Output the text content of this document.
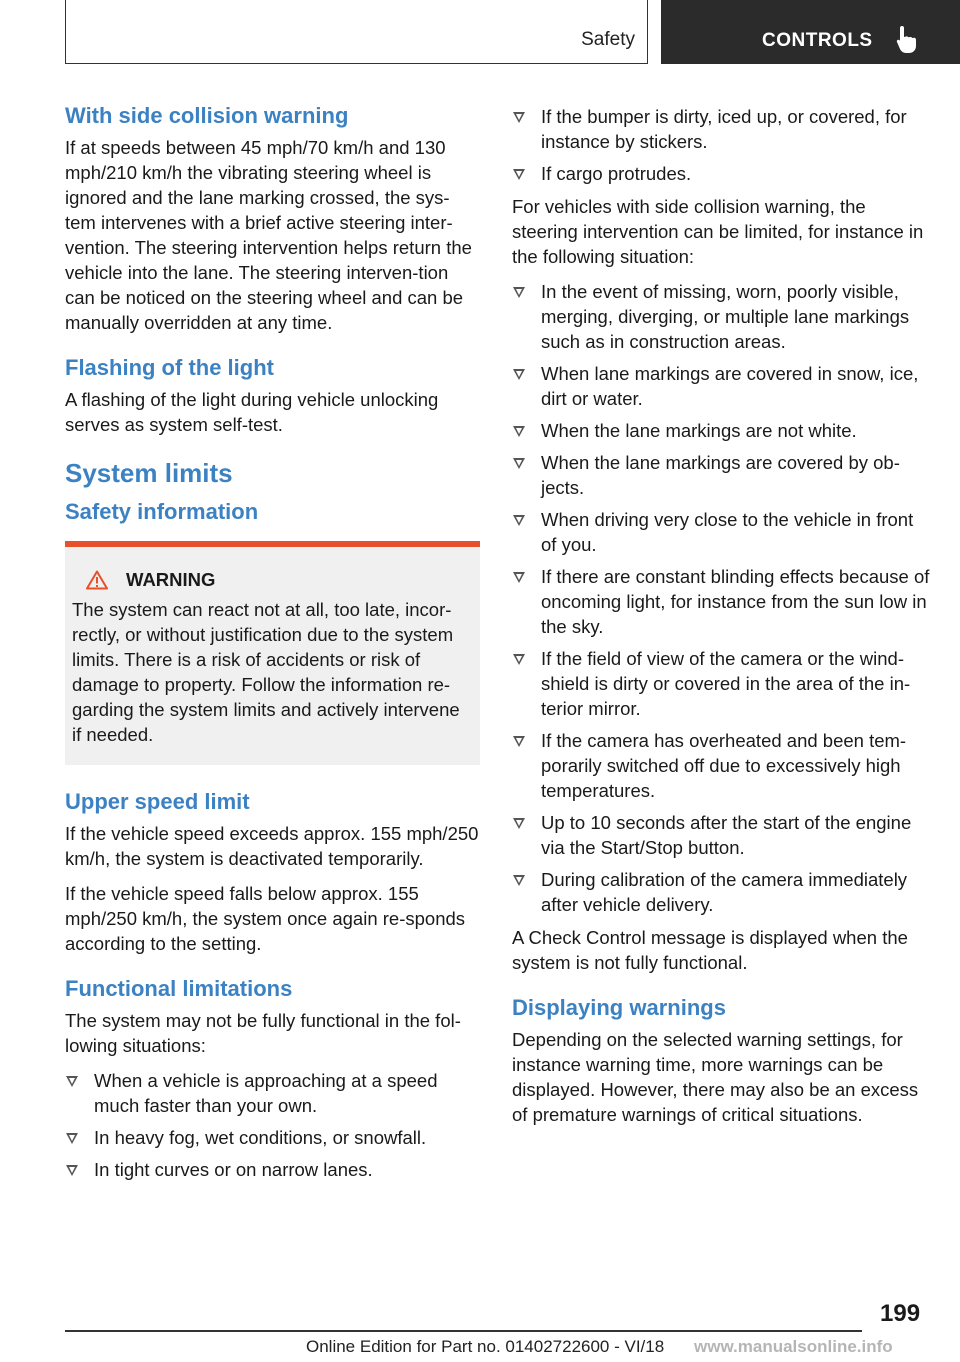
Safety	CONTROLS
With side collision warning
If at speeds between 45 mph/70 km/h and 130 mph/210 km/h the vibrating steering wheel is ignored and the lane marking crossed, the sys-tem intervenes with a brief active steering inter-vention. The steering intervention helps return the vehicle into the lane. The steering interven-tion can be noticed on the steering wheel and can be manually overridden at any time.
Flashing of the light
A flashing of the light during vehicle unlocking serves as system self-test.
System limits
Safety information
WARNING
The system can react not at all, too late, incor-rectly, or without justification due to the system limits. There is a risk of accidents or risk of damage to property. Follow the information re-garding the system limits and actively intervene if needed.
Upper speed limit
If the vehicle speed exceeds approx. 155 mph/250 km/h, the system is deactivated temporarily.
If the vehicle speed falls below approx. 155 mph/250 km/h, the system once again re-sponds according to the setting.
Functional limitations
The system may not be fully functional in the fol-lowing situations:
When a vehicle is approaching at a speed much faster than your own.
In heavy fog, wet conditions, or snowfall.
In tight curves or on narrow lanes.
If the bumper is dirty, iced up, or covered, for instance by stickers.
If cargo protrudes.
For vehicles with side collision warning, the steering intervention can be limited, for instance in the following situation:
In the event of missing, worn, poorly visible, merging, diverging, or multiple lane markings such as in construction areas.
When lane markings are covered in snow, ice, dirt or water.
When the lane markings are not white.
When the lane markings are covered by ob-jects.
When driving very close to the vehicle in front of you.
If there are constant blinding effects because of oncoming light, for instance from the sun low in the sky.
If the field of view of the camera or the wind-shield is dirty or covered in the area of the in-terior mirror.
If the camera has overheated and been tem-porarily switched off due to excessively high temperatures.
Up to 10 seconds after the start of the engine via the Start/Stop button.
During calibration of the camera immediately after vehicle delivery.
A Check Control message is displayed when the system is not fully functional.
Displaying warnings
Depending on the selected warning settings, for instance warning time, more warnings can be displayed. However, there may also be an excess of premature warnings of critical situations.
199
Online Edition for Part no. 01402722600 - VI/18 www.manualsonline.info
